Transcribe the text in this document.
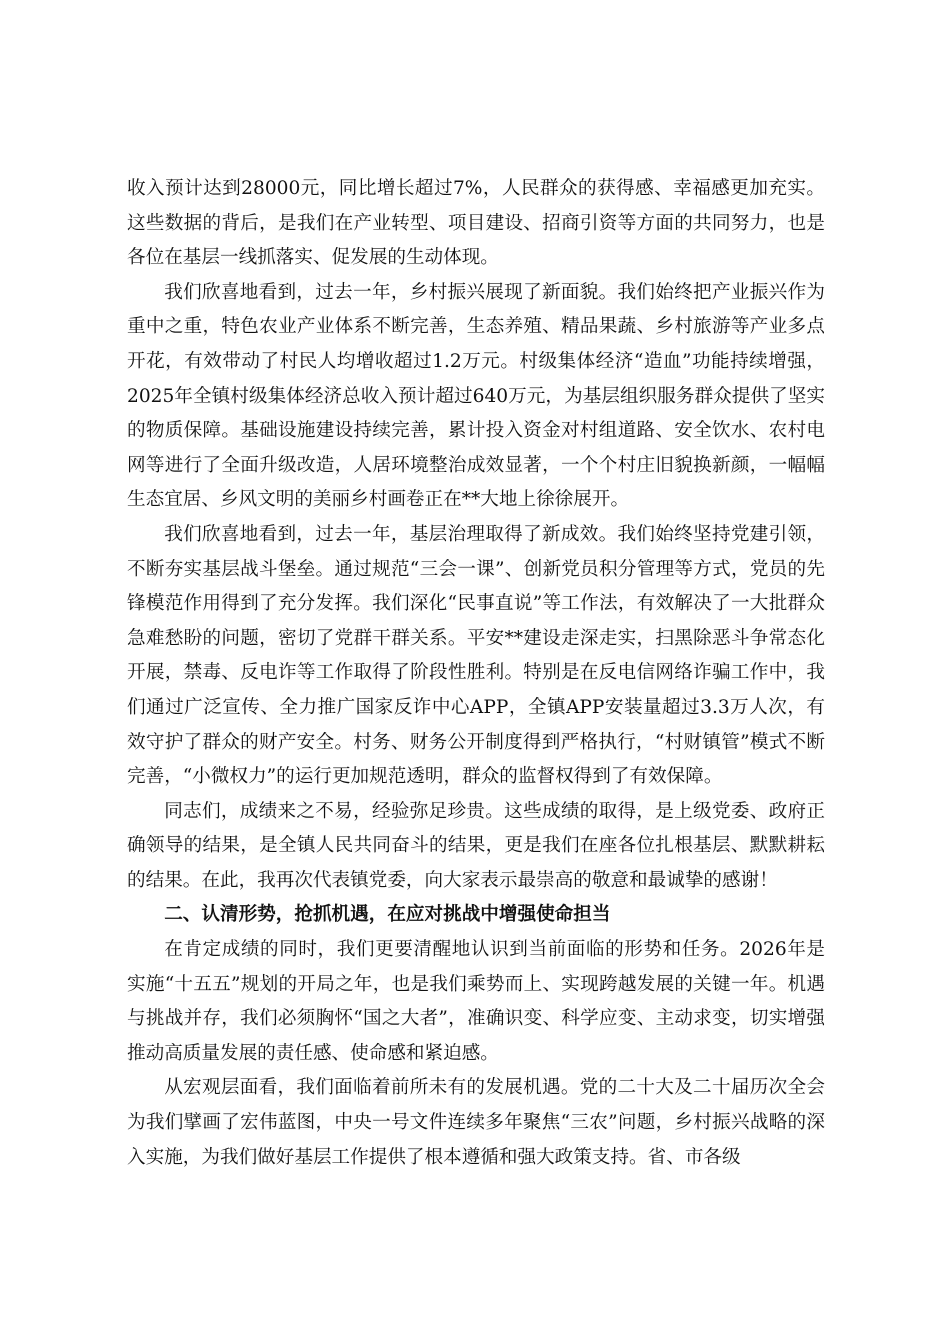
收入预计达到28000元，同比增长超过7%，人民群众的获得感、幸福感更加充实。这些数据的背后，是我们在产业转型、项目建设、招商引资等方面的共同努力，也是各位在基层一线抓落实、促发展的生动体现。

我们欣喜地看到，过去一年，乡村振兴展现了新面貌。我们始终把产业振兴作为重中之重，特色农业产业体系不断完善，生态养殖、精品果蔬、乡村旅游等产业多点开花，有效带动了村民人均增收超过1.2万元。村级集体经济“造血”功能持续增强，2025年全镇村级集体经济总收入预计超过640万元，为基层组织服务群众提供了坚实的物质保障。基础设施建设持续完善，累计投入资金对村组道路、安全饮水、农村电网等进行了全面升级改造，人居环境整治成效显著，一个个村庄旧貌换新颜，一幅幅生态宜居、乡风文明的美丽乡村画卷正在**大地上徐徐展开。

我们欣喜地看到，过去一年，基层治理取得了新成效。我们始终坚持党建引领，不断夯实基层战斗堡垒。通过规范“三会一课”、创新党员积分管理等方式，党员的先锋模范作用得到了充分发挥。我们深化“民事直说”等工作法，有效解决了一大批群众急难愁盼的问题，密切了党群干群关系。平安**建设走深走实，扫黑除恶斗争常态化开展，禁毒、反电诈等工作取得了阶段性胜利。特别是在反电信网络诈骗工作中，我们通过广泛宣传、全力推广国家反诈中心APP，全镇APP安装量超过3.3万人次，有效守护了群众的财产安全。村务、财务公开制度得到严格执行，“村财镇管”模式不断完善，“小微权力”的运行更加规范透明，群众的监督权得到了有效保障。

同志们，成绩来之不易，经验弥足珍贵。这些成绩的取得，是上级党委、政府正确领导的结果，是全镇人民共同奋斗的结果，更是我们在座各位扎根基层、默默耕耘的结果。在此，我再次代表镇党委，向大家表示最崇高的敬意和最诚挚的感谢！

二、认清形势，抢抓机遇，在应对挑战中增强使命担当

在肯定成绩的同时，我们更要清醒地认识到当前面临的形势和任务。2026年是实施“十五五”规划的开局之年，也是我们乘势而上、实现跨越发展的关键一年。机遇与挑战并存，我们必须胸怀“国之大者”，准确识变、科学应变、主动求变，切实增强推动高质量发展的责任感、使命感和紧迫感。

从宏观层面看，我们面临着前所未有的发展机遇。党的二十大及二十届历次全会为我们擘画了宏伟蓝图，中央一号文件连续多年聚焦“三农”问题，乡村振兴战略的深入实施，为我们做好基层工作提供了根本遵循和强大政策支持。省、市各级
